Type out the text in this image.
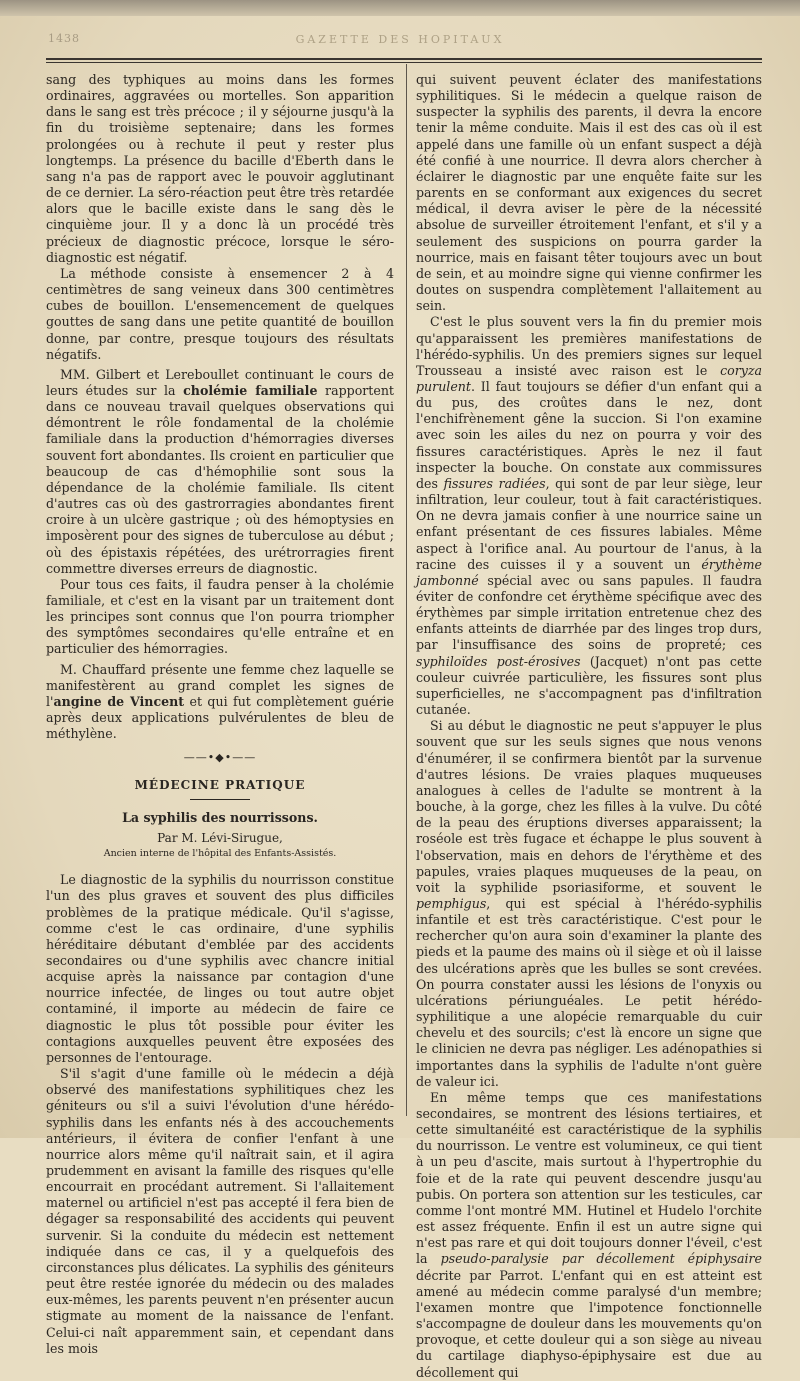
1438	GAZETTE DES HOPITAUX

sang des typhiques au moins dans les formes ordinaires, aggravées ou mortelles. Son apparition dans le sang est très précoce ; il y séjourne jusqu'à la fin du troisième septenaire; dans les formes prolongées ou à rechute il peut y rester plus longtemps. La présence du bacille d'Eberth dans le sang n'a pas de rapport avec le pouvoir agglutinant de ce dernier. La séro-réaction peut être très retardée alors que le bacille existe dans le sang dès le cinquième jour. Il y a donc là un procédé très précieux de diagnostic précoce, lorsque le séro-diagnostic est négatif.

La méthode consiste à ensemencer 2 à 4 centimètres de sang veineux dans 300 centimètres cubes de bouillon. L'ensemencement de quelques gouttes de sang dans une petite quantité de bouillon donne, par contre, presque toujours des résultats négatifs.

MM. Gilbert et Lereboullet continuant le cours de leurs études sur la cholémie familiale rapportent dans ce nouveau travail quelques observations qui démontrent le rôle fondamental de la cholémie familiale dans la production d'hémorragies diverses souvent fort abondantes. Ils croient en particulier que beaucoup de cas d'hémophilie sont sous la dépendance de la cholémie familiale. Ils citent d'autres cas où des gastrorragies abondantes firent croire à un ulcère gastrique ; où des hémoptysies en imposèrent pour des signes de tuberculose au début ; où des épistaxis répétées, des urétrorragies firent commettre diverses erreurs de diagnostic.

Pour tous ces faits, il faudra penser à la cholémie familiale, et c'est en la visant par un traitement dont les principes sont connus que l'on pourra triompher des symptômes secondaires qu'elle entraîne et en particulier des hémorragies.

M. Chauffard présente une femme chez laquelle se manifestèrent au grand complet les signes de l'angine de Vincent et qui fut complètement guérie après deux applications pulvérulentes de bleu de méthylène.

——•◆•——
MÉDECINE PRATIQUE
La syphilis des nourrissons.
Par M. Lévi-Sirugue,
Ancien interne de l'hôpital des Enfants-Assistés.

Le diagnostic de la syphilis du nourrisson constitue l'un des plus graves et souvent des plus difficiles problèmes de la pratique médicale. Qu'il s'agisse, comme c'est le cas ordinaire, d'une syphilis héréditaire débutant d'emblée par des accidents secondaires ou d'une syphilis avec chancre initial acquise après la naissance par contagion d'une nourrice infectée, de linges ou tout autre objet contaminé, il importe au médecin de faire ce diagnostic le plus tôt possible pour éviter les contagions auxquelles peuvent être exposées des personnes de l'entourage.

S'il s'agit d'une famille où le médecin a déjà observé des manifestations syphilitiques chez les géniteurs ou s'il a suivi l'évolution d'une hérédo-syphilis dans les enfants nés à des accouchements antérieurs, il évitera de confier l'enfant à une nourrice alors même qu'il naîtrait sain, et il agira prudemment en avisant la famille des risques qu'elle encourrait en procédant autrement. Si l'allaitement maternel ou artificiel n'est pas accepté il fera bien de dégager sa responsabilité des accidents qui peuvent survenir. Si la conduite du médecin est nettement indiquée dans ce cas, il y a quelquefois des circonstances plus délicates. La syphilis des géniteurs peut être restée ignorée du médecin ou des malades eux-mêmes, les parents peuvent n'en présenter aucun stigmate au moment de la naissance de l'enfant. Celui-ci naît apparemment sain, et cependant dans les mois

qui suivent peuvent éclater des manifestations syphilitiques. Si le médecin a quelque raison de suspecter la syphilis des parents, il devra la encore tenir la même conduite. Mais il est des cas où il est appelé dans une famille où un enfant suspect a déjà été confié à une nourrice. Il devra alors chercher à éclairer le diagnostic par une enquête faite sur les parents en se conformant aux exigences du secret médical, il devra aviser le père de la nécessité absolue de surveiller étroitement l'enfant, et s'il y a seulement des suspicions on pourra garder la nourrice, mais en faisant têter toujours avec un bout de sein, et au moindre signe qui vienne confirmer les doutes on suspendra complètement l'allaitement au sein.

C'est le plus souvent vers la fin du premier mois qu'apparaissent les premières manifestations de l'hérédo-syphilis. Un des premiers signes sur lequel Trousseau a insisté avec raison est le coryza purulent. Il faut toujours se défier d'un enfant qui a du pus, des croûtes dans le nez, dont l'enchifrènement gêne la succion. Si l'on examine avec soin les ailes du nez on pourra y voir des fissures caractéristiques. Après le nez il faut inspecter la bouche. On constate aux commissures des fissures radiées, qui sont de par leur siège, leur infiltration, leur couleur, tout à fait caractéristiques. On ne devra jamais confier à une nourrice saine un enfant présentant de ces fissures labiales. Même aspect à l'orifice anal. Au pourtour de l'anus, à la racine des cuisses il y a souvent un érythème jambonné spécial avec ou sans papules. Il faudra éviter de confondre cet érythème spécifique avec des érythèmes par simple irritation entretenue chez des enfants atteints de diarrhée par des linges trop durs, par l'insuffisance des soins de propreté; ces syphiloïdes post-érosives (Jacquet) n'ont pas cette couleur cuivrée particulière, les fissures sont plus superficielles, ne s'accompagnent pas d'infiltration cutanée.

Si au début le diagnostic ne peut s'appuyer le plus souvent que sur les seuls signes que nous venons d'énumérer, il se confirmera bientôt par la survenue d'autres lésions. De vraies plaques muqueuses analogues à celles de l'adulte se montrent à la bouche, à la gorge, chez les filles à la vulve. Du côté de la peau des éruptions diverses apparaissent; la roséole est très fugace et échappe le plus souvent à l'observation, mais en dehors de l'érythème et des papules, vraies plaques muqueuses de la peau, on voit la syphilide psoriasiforme, et souvent le pemphigus, qui est spécial à l'hérédo-syphilis infantile et est très caractéristique. C'est pour le rechercher qu'on aura soin d'examiner la plante des pieds et la paume des mains où il siège et où il laisse des ulcérations après que les bulles se sont crevées. On pourra constater aussi les lésions de l'onyxis ou ulcérations périunguéales. Le petit hérédo-syphilitique a une alopécie remarquable du cuir chevelu et des sourcils; c'est là encore un signe que le clinicien ne devra pas négliger. Les adénopathies si importantes dans la syphilis de l'adulte n'ont guère de valeur ici.

En même temps que ces manifestations secondaires, se montrent des lésions tertiaires, et cette simultanéité est caractéristique de la syphilis du nourrisson. Le ventre est volumineux, ce qui tient à un peu d'ascite, mais surtout à l'hypertrophie du foie et de la rate qui peuvent descendre jusqu'au pubis. On portera son attention sur les testicules, car comme l'ont montré MM. Hutinel et Hudelo l'orchite est assez fréquente. Enfin il est un autre signe qui n'est pas rare et qui doit toujours donner l'éveil, c'est la pseudo-paralysie par décollement épiphysaire décrite par Parrot. L'enfant qui en est atteint est amené au médecin comme paralysé d'un membre; l'examen montre que l'impotence fonctionnelle s'accompagne de douleur dans les mouvements qu'on provoque, et cette douleur qui a son siège au niveau du cartilage diaphyso-épiphysaire est due au décollement qui
